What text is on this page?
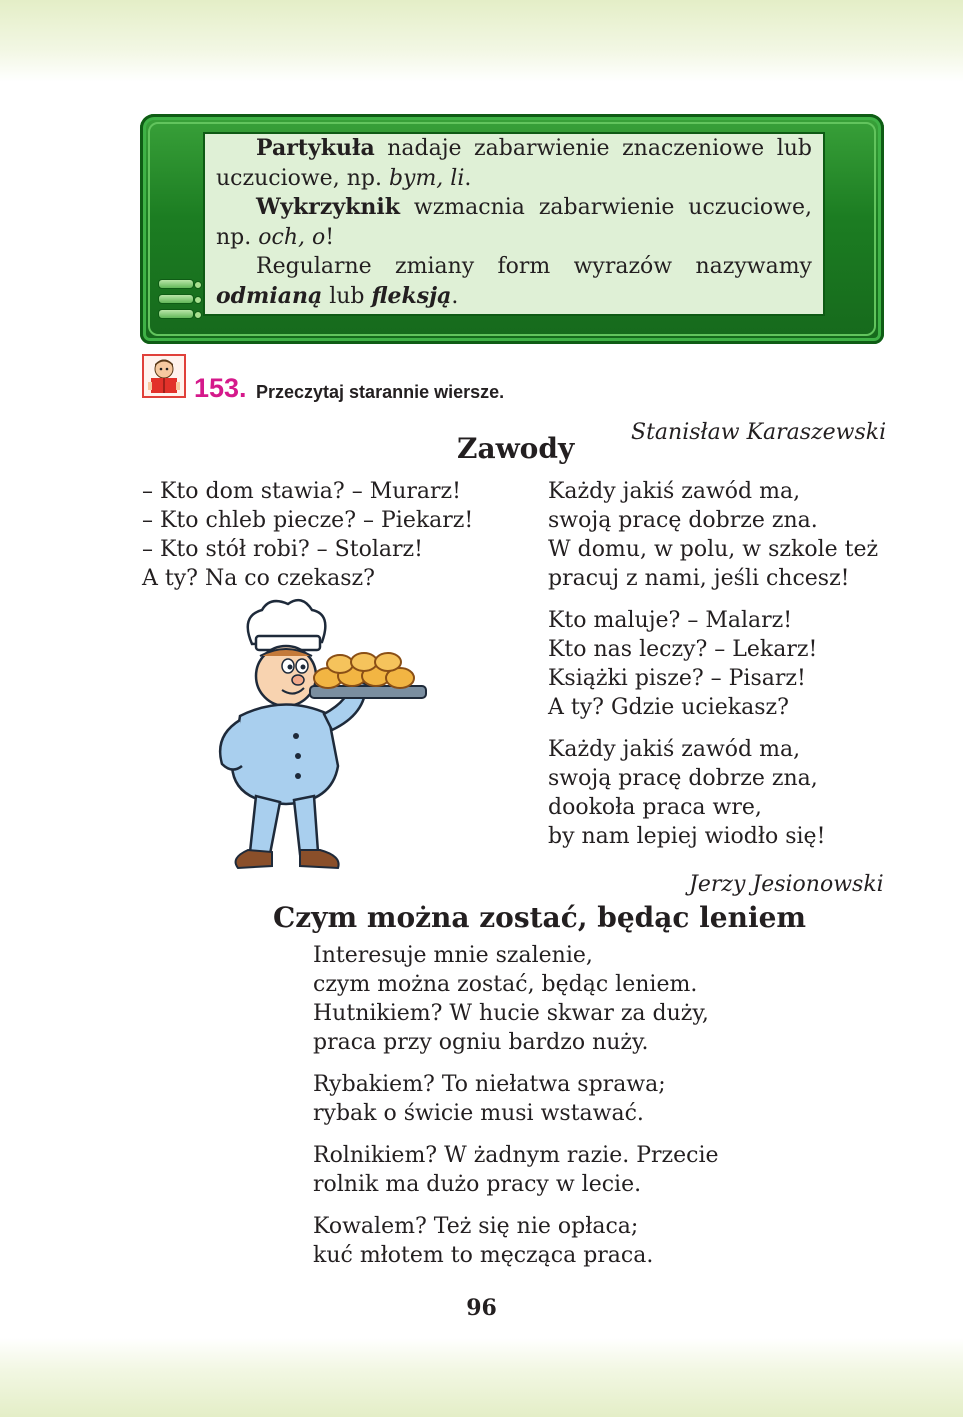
Partykuła nadaje zabarwienie znaczeniowe lub uczuciowe, np. bym, li.

Wykrzyknik wzmacnia zabarwienie uczuciowe, np. och, o!

Regularne zmiany form wyrazów nazywamy odmianą lub fleksją.

153. Przeczytaj starannie wiersze.
Stanisław Karaszewski
Zawody
– Kto dom stawia? – Murarz!
– Kto chleb piecze? – Piekarz!
– Kto stół robi? – Stolarz!
A ty? Na co czekasz?
Każdy jakiś zawód ma,
swoją pracę dobrze zna.
W domu, w polu, w szkole też
pracuj z nami, jeśli chcesz!
Kto maluje? – Malarz!
Kto nas leczy? – Lekarz!
Książki pisze? – Pisarz!
A ty? Gdzie uciekasz?
Każdy jakiś zawód ma,
swoją pracę dobrze zna,
dookoła praca wre,
by nam lepiej wiodło się!
Jerzy Jesionowski
Czym można zostać, będąc leniem
Interesuje mnie szalenie,
czym można zostać, będąc leniem.
Hutnikiem? W hucie skwar za duży,
praca przy ogniu bardzo nuży.
Rybakiem? To niełatwa sprawa;
rybak o świcie musi wstawać.
Rolnikiem? W żadnym razie. Przecie
rolnik ma dużo pracy w lecie.
Kowalem? Też się nie opłaca;
kuć młotem to męcząca praca.
96
